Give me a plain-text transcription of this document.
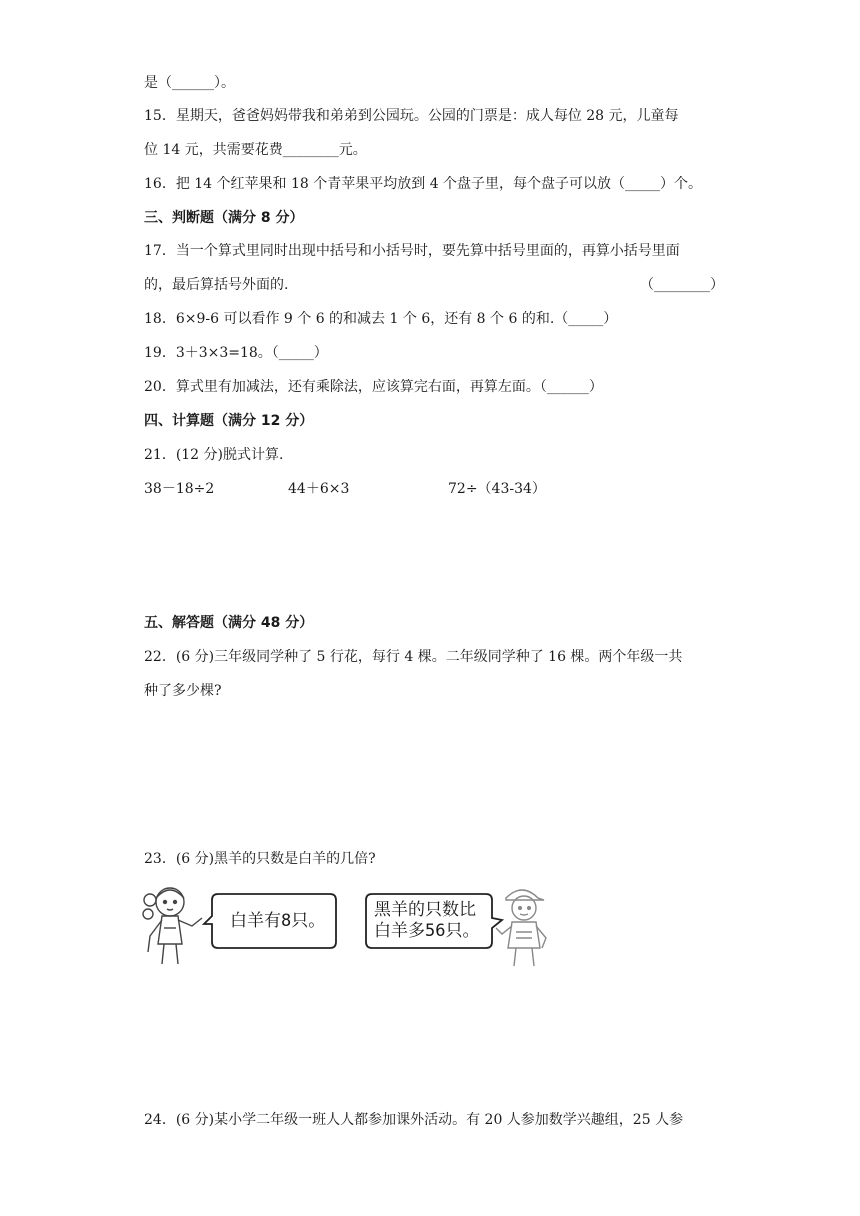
是（______）。
15．星期天，爸爸妈妈带我和弟弟到公园玩。公园的门票是：成人每位 28 元，儿童每
位 14 元，共需要花费________元。
16．把 14 个红苹果和 18 个青苹果平均放到 4 个盘子里，每个盘子可以放（_____）个。
三、判断题（满分 8 分）
17．当一个算式里同时出现中括号和小括号时，要先算中括号里面的，再算小括号里面
的，最后算括号外面的.	（________）
18．6×9-6 可以看作 9 个 6 的和减去 1 个 6，还有 8 个 6 的和.（_____）
19．3＋3×3=18。（_____）
20．算式里有加减法，还有乘除法，应该算完右面，再算左面。（______）
四、计算题（满分 12 分）
21．(12 分)脱式计算.
38－18÷2	44＋6×3	72÷（43-34）
五、解答题（满分 48 分）
22．(6 分)三年级同学种了 5 行花，每行 4 棵。二年级同学种了 16 棵。两个年级一共
种了多少棵?
23．(6 分)黑羊的只数是白羊的几倍?
白羊有8只。
黑羊的只数比
白羊多56只。
24．(6 分)某小学二年级一班人人都参加课外活动。有 20 人参加数学兴趣组，25 人参
